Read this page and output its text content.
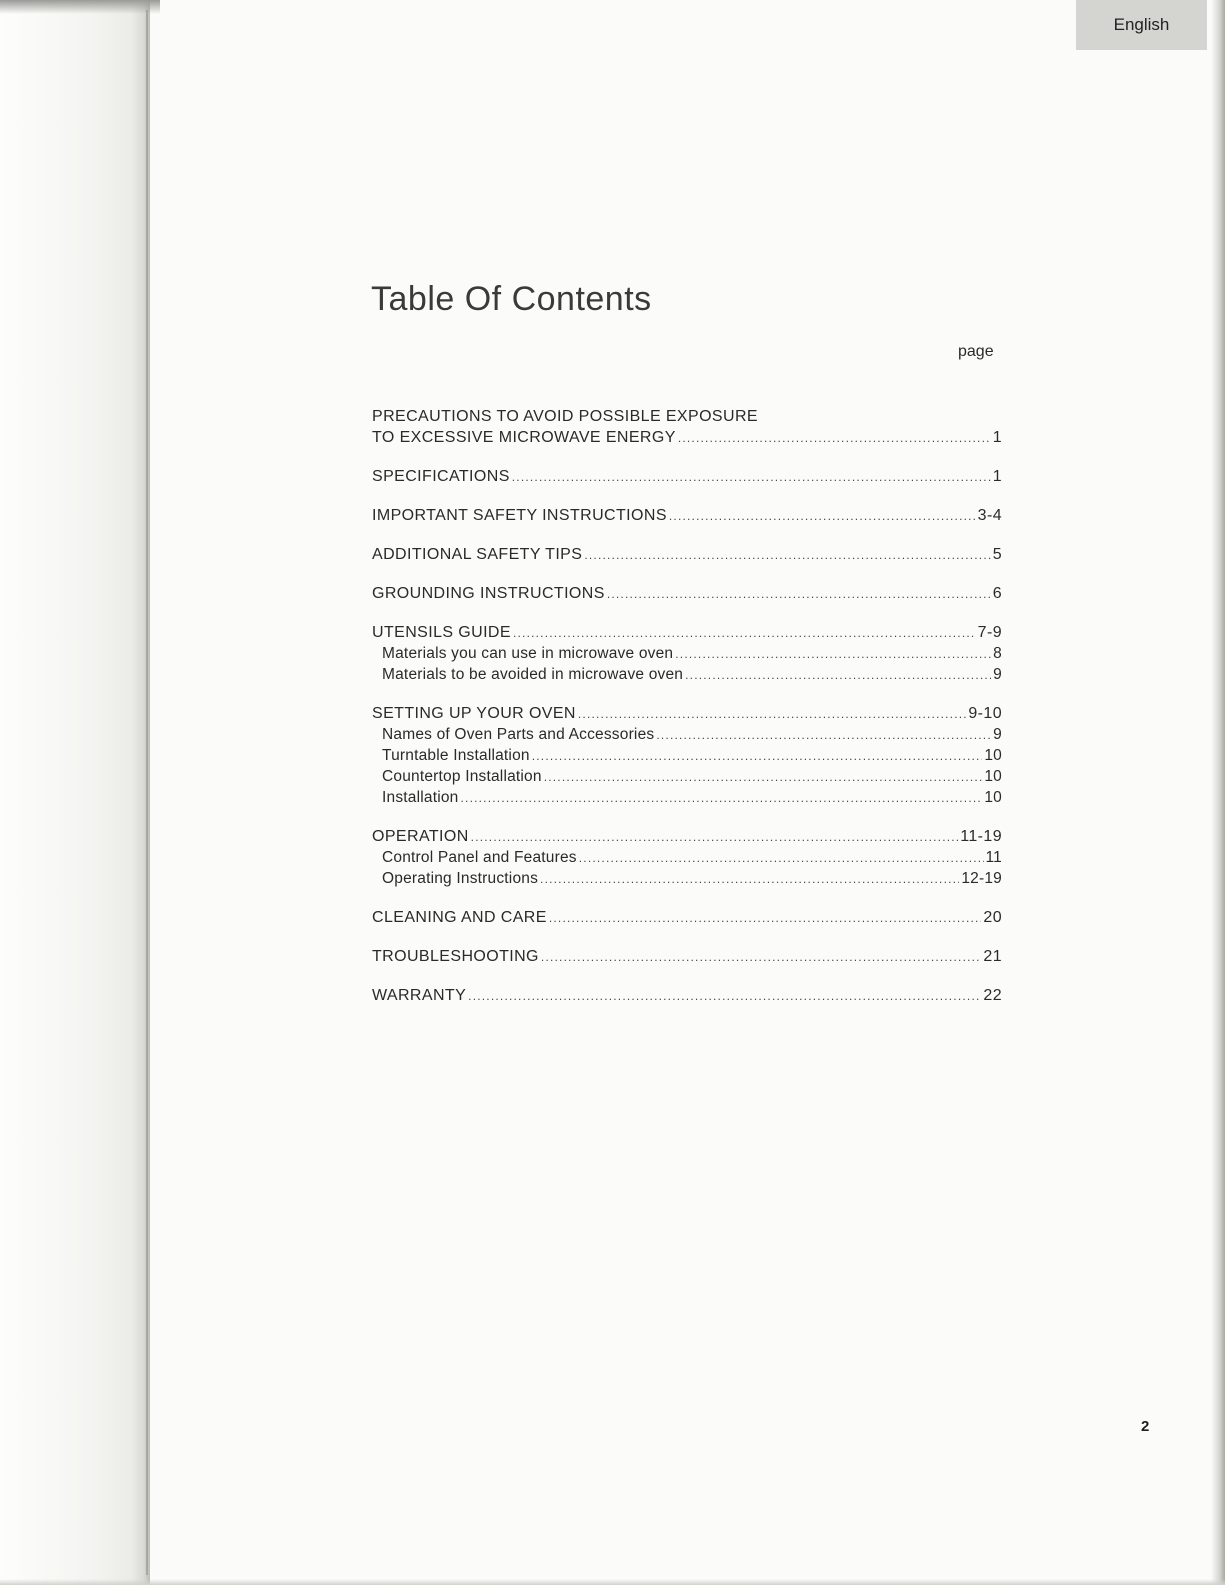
English
Table Of Contents
page
PRECAUTIONS TO AVOID POSSIBLE EXPOSURE
TO EXCESSIVE MICROWAVE ENERGY .....	1
SPECIFICATIONS .....	1
IMPORTANT SAFETY INSTRUCTIONS .....	3-4
ADDITIONAL SAFETY TIPS .....	5
GROUNDING INSTRUCTIONS .....	6
UTENSILS GUIDE .....	7-9
Materials you can use in microwave oven .....	8
Materials to be avoided in microwave oven .....	9
SETTING UP YOUR OVEN .....	9-10
Names of Oven Parts and Accessories .....	9
Turntable Installation .....	10
Countertop Installation .....	10
Installation .....	10
OPERATION .....	11-19
Control Panel and Features .....	11
Operating Instructions .....	12-19
CLEANING AND CARE .....	20
TROUBLESHOOTING .....	21
WARRANTY .....	22
2
